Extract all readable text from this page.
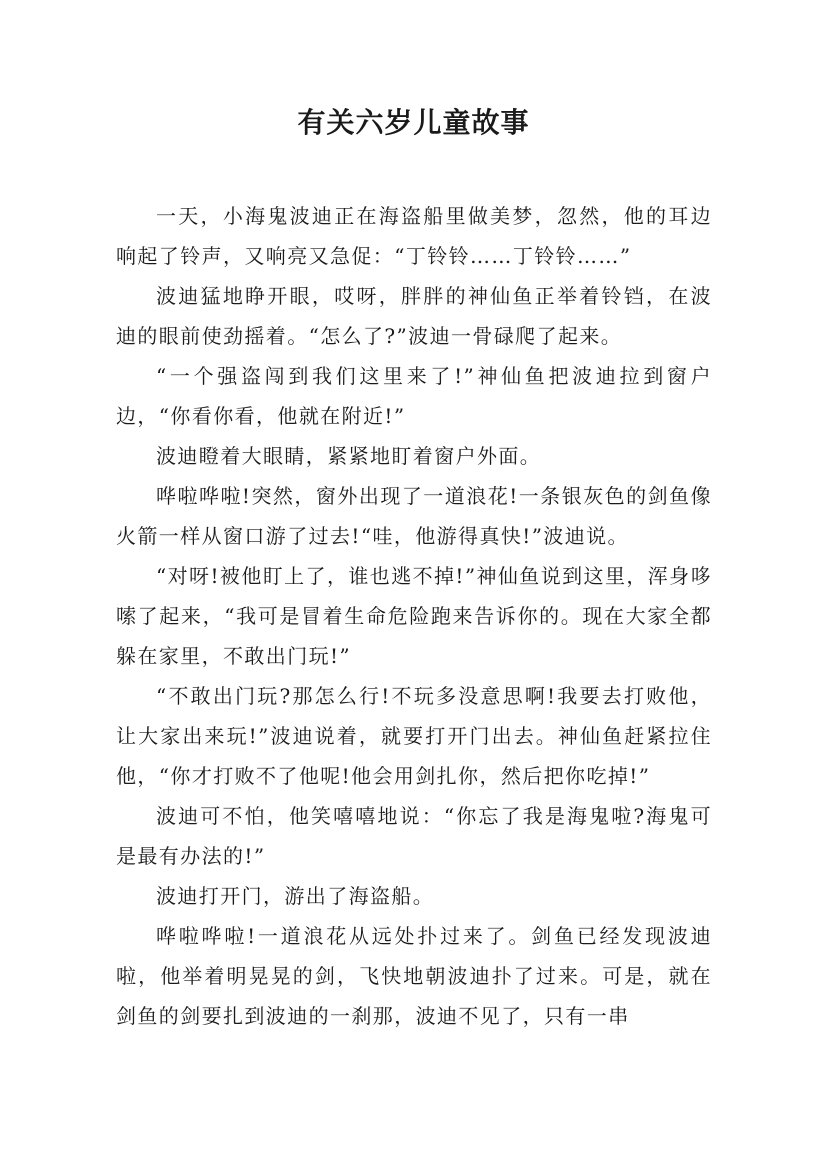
有关六岁儿童故事

一天，小海鬼波迪正在海盗船里做美梦，忽然，他的耳边响起了铃声，又响亮又急促：“丁铃铃……丁铃铃……”

波迪猛地睁开眼，哎呀，胖胖的神仙鱼正举着铃铛，在波迪的眼前使劲摇着。“怎么了?”波迪一骨碌爬了起来。

“一个强盗闯到我们这里来了!”神仙鱼把波迪拉到窗户边，“你看你看，他就在附近!”

波迪瞪着大眼睛，紧紧地盯着窗户外面。

哗啦哗啦!突然，窗外出现了一道浪花!一条银灰色的剑鱼像火箭一样从窗口游了过去!“哇，他游得真快!”波迪说。

“对呀!被他盯上了，谁也逃不掉!”神仙鱼说到这里，浑身哆嗦了起来，“我可是冒着生命危险跑来告诉你的。现在大家全都躲在家里，不敢出门玩!”

“不敢出门玩?那怎么行!不玩多没意思啊!我要去打败他，让大家出来玩!”波迪说着，就要打开门出去。神仙鱼赶紧拉住他，“你才打败不了他呢!他会用剑扎你，然后把你吃掉!”

波迪可不怕，他笑嘻嘻地说：“你忘了我是海鬼啦?海鬼可是最有办法的!”

波迪打开门，游出了海盗船。

哗啦哗啦!一道浪花从远处扑过来了。剑鱼已经发现波迪啦，他举着明晃晃的剑，飞快地朝波迪扑了过来。可是，就在剑鱼的剑要扎到波迪的一刹那，波迪不见了，只有一串
